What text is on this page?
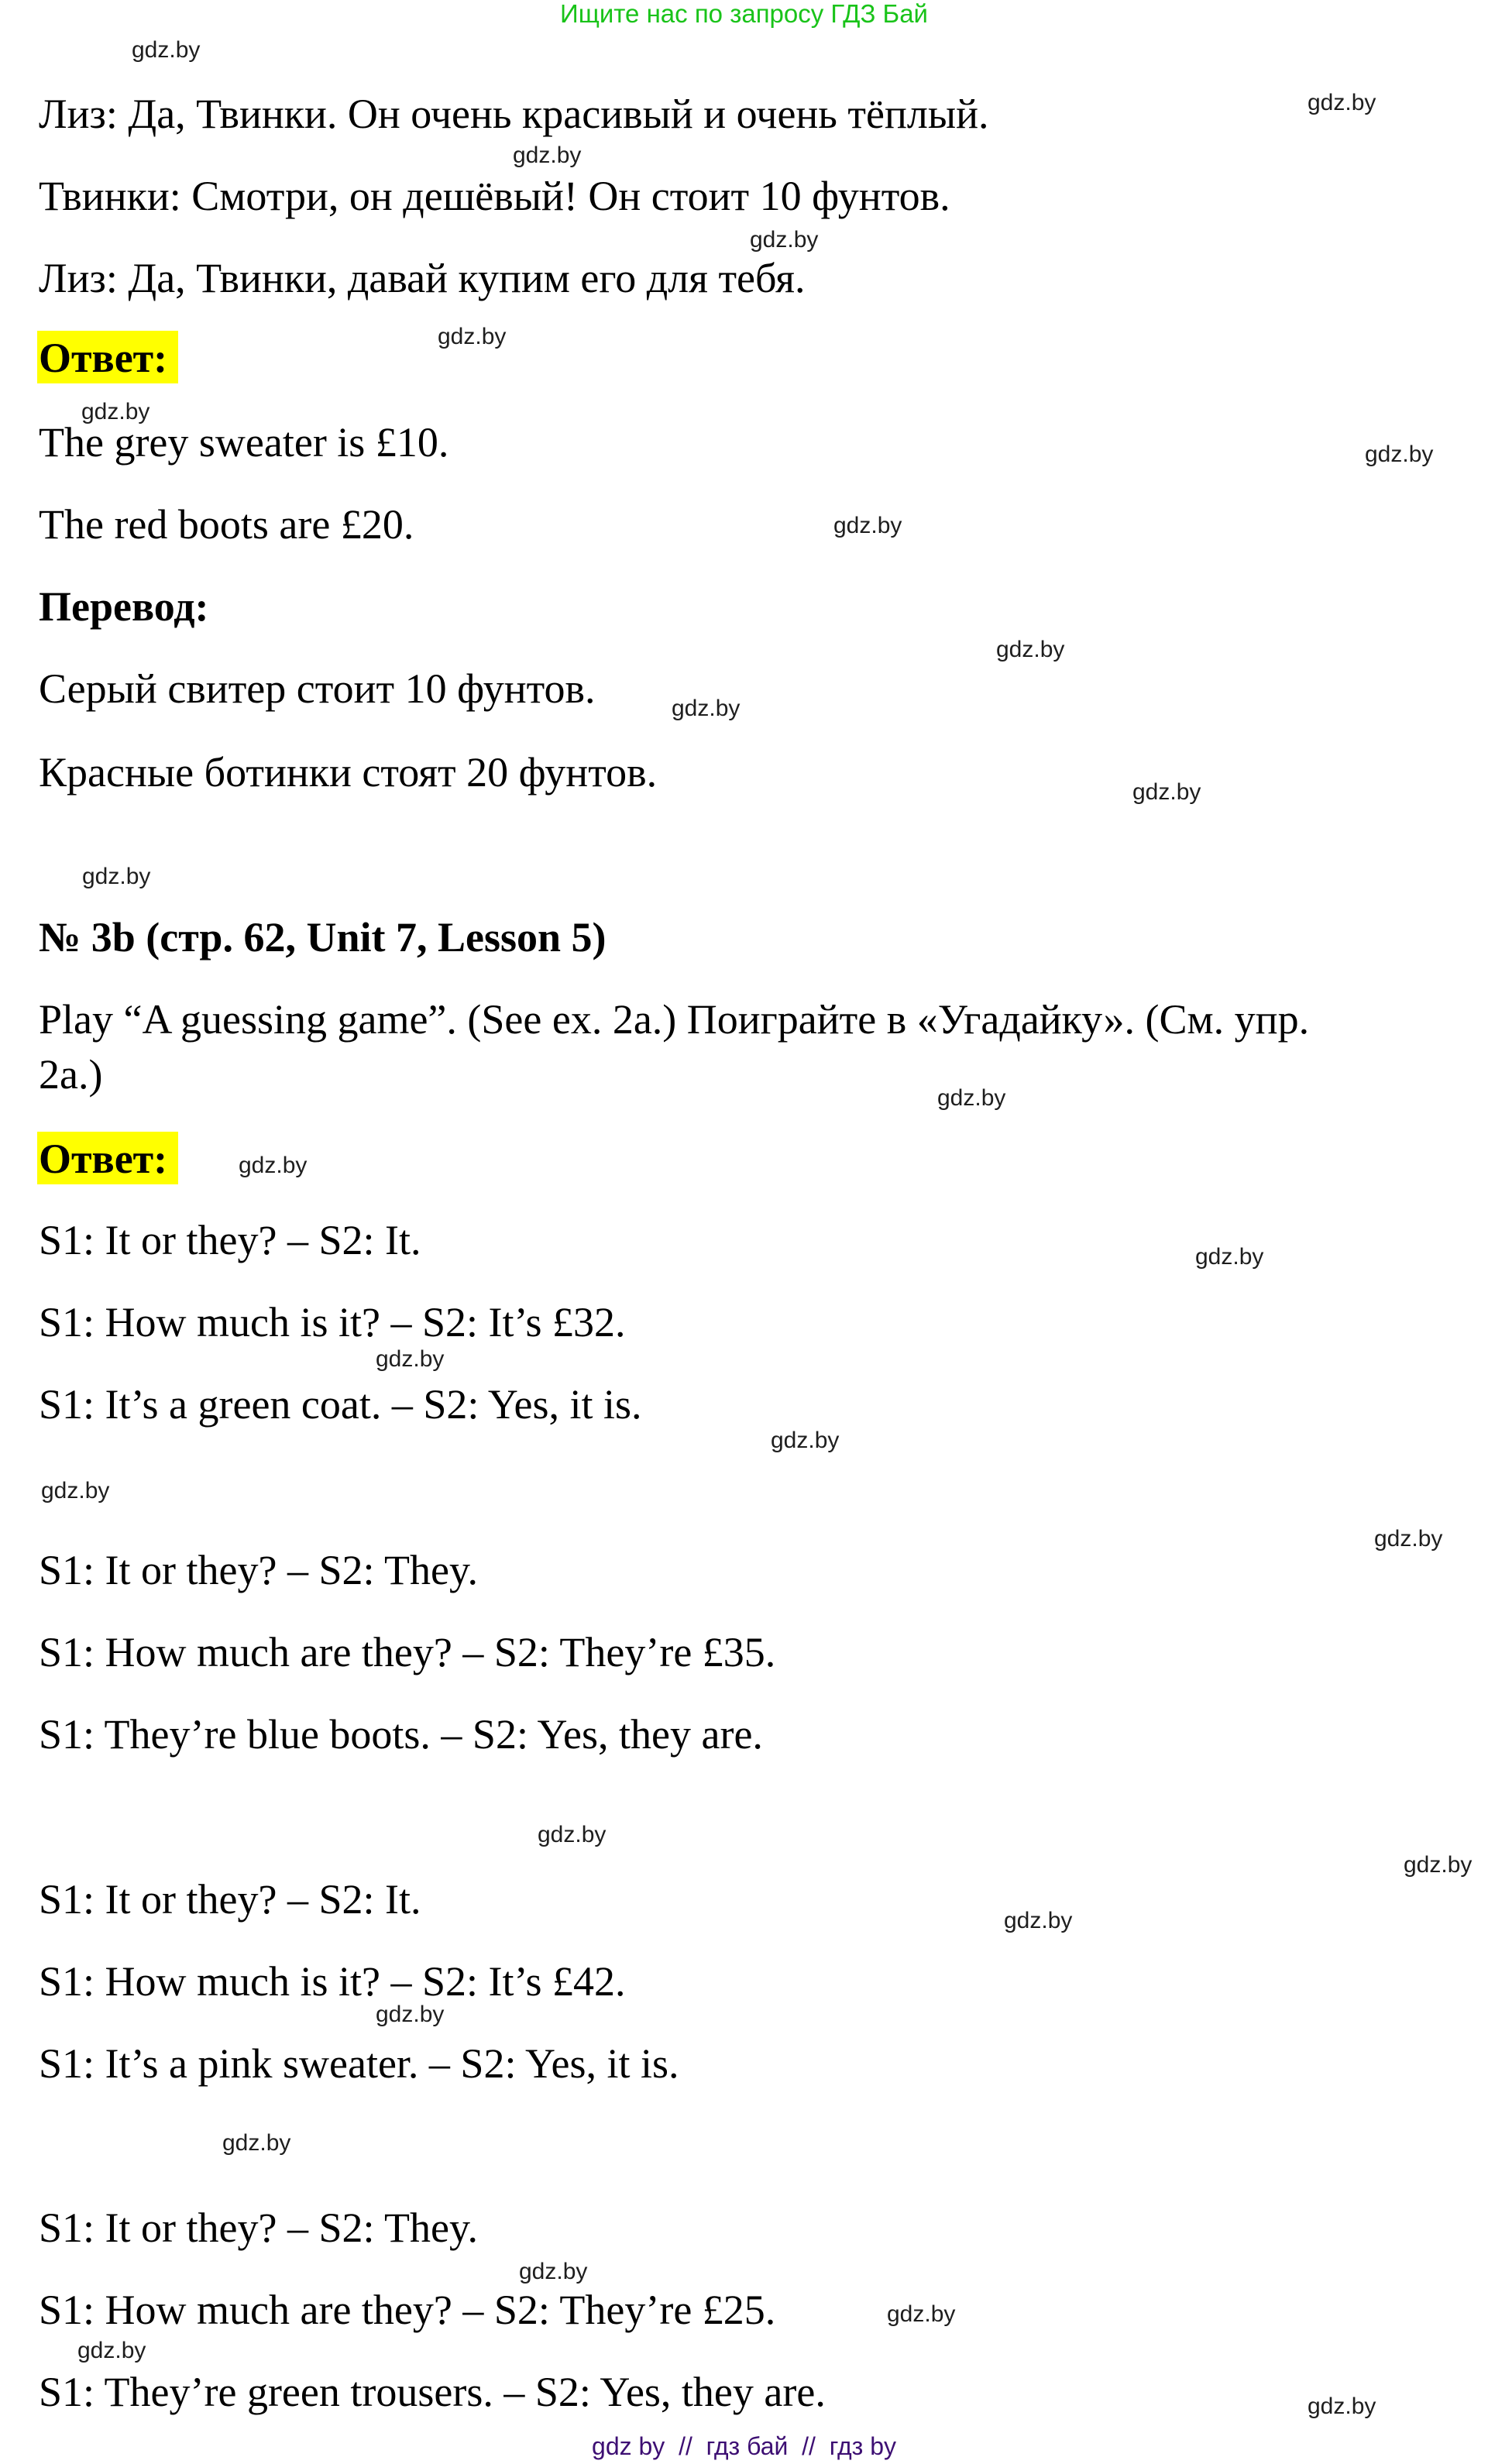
Ищите нас по запросу ГДЗ Бай
Лиз: Да, Твинки. Он очень красивый и очень тёплый.
Твинки: Смотри, он дешёвый! Он стоит 10 фунтов.
Лиз: Да, Твинки, давай купим его для тебя.
Ответ:
The grey sweater is £10.
The red boots are £20.
Перевод:
Серый свитер стоит 10 фунтов.
Красные ботинки стоят 20 фунтов.
№ 3b (стр. 62, Unit 7, Lesson 5)
Play “A guessing game”. (See ex. 2a.) Поиграйте в «Угадайку». (См. упр.
2a.)
Ответ:
S1: It or they? – S2: It.
S1: How much is it? – S2: It’s £32.
S1: It’s a green coat. – S2: Yes, it is.
S1: It or they? – S2: They.
S1: How much are they? – S2: They’re £35.
S1: They’re blue boots. – S2: Yes, they are.
S1: It or they? – S2: It.
S1: How much is it? – S2: It’s £42.
S1: It’s a pink sweater. – S2: Yes, it is.
S1: It or they? – S2: They.
S1: How much are they? – S2: They’re £25.
S1: They’re green trousers. – S2: Yes, they are.
gdz.by
gdz.by
gdz.by
gdz.by
gdz.by
gdz.by
gdz.by
gdz.by
gdz.by
gdz.by
gdz.by
gdz.by
gdz.by
gdz.by
gdz.by
gdz.by
gdz.by
gdz.by
gdz.by
gdz.by
gdz.by
gdz.by
gdz.by
gdz.by
gdz.by
gdz.by
gdz.by
gdz.by
gdz by  //  гдз бай  //  гдз by
